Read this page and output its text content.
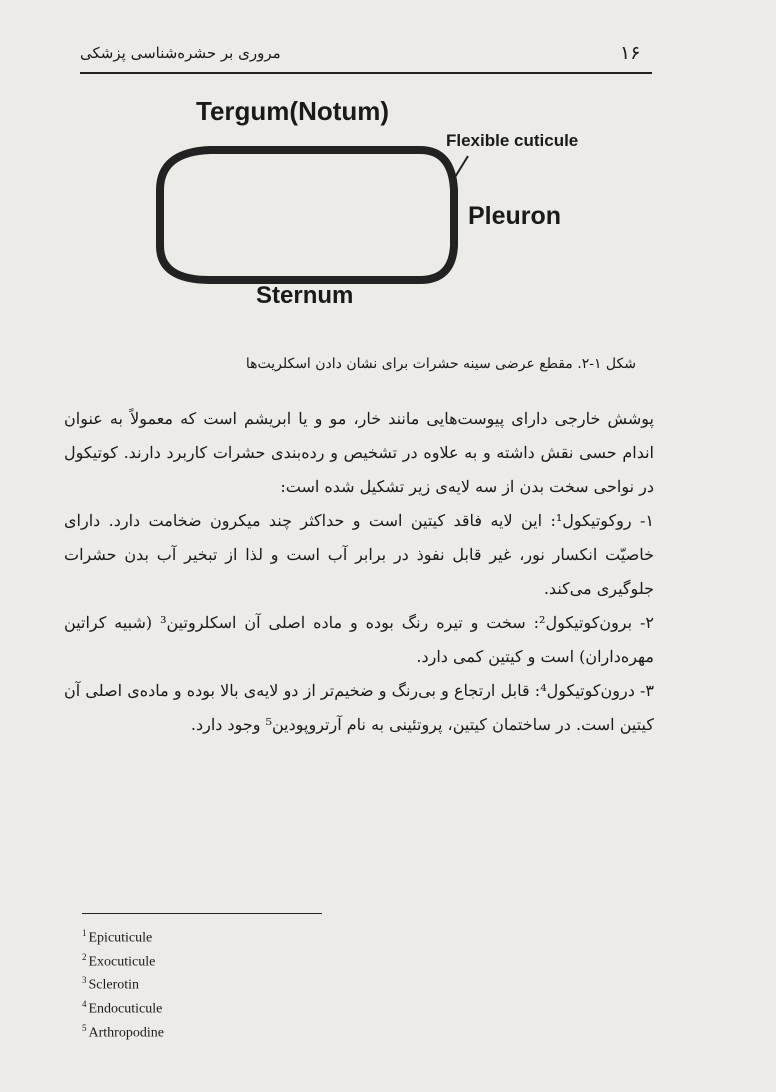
۱۶
مروری بر حشره‌شناسی پزشکی
Tergum(Notum)
Flexible cuticule
Pleuron
Sternum
شکل ۱-۲. مقطع عرضی سینه حشرات برای نشان دادن اسکلریت‌ها

پوشش خارجی دارای پیوست‌هایی مانند خار، مو و یا ابریشم است که معمولاً به عنوان اندام حسی نقش داشته و به علاوه در تشخیص و رده‌بندی حشرات کاربرد دارند. کوتیکول در نواحی سخت بدن از سه لایه‌ی زیر تشکیل شده است:

۱- روکوتیکول¹: این لایه فاقد کیتین است و حداکثر چند میکرون ضخامت دارد. دارای خاصیّت انکسار نور، غیر قابل نفوذ در برابر آب است و لذا از تبخیر آب بدن حشرات جلوگیری می‌کند.

۲- برون‌کوتیکول²: سخت و تیره رنگ بوده و ماده اصلی آن اسکلروتین³ (شبیه کراتین مهره‌داران) است و کیتین کمی دارد.

۳- درون‌کوتیکول⁴: قابل ارتجاع و بی‌رنگ و ضخیم‌تر از دو لایه‌ی بالا بوده و ماده‌ی اصلی آن کیتین است. در ساختمان کیتین، پروتئینی به نام آرتروپودین⁵ وجود دارد.

$^1$ Epicuticule
$^2$ Exocuticule
$^3$ Sclerotin
$^4$ Endocuticule
$^5$ Arthropodine
